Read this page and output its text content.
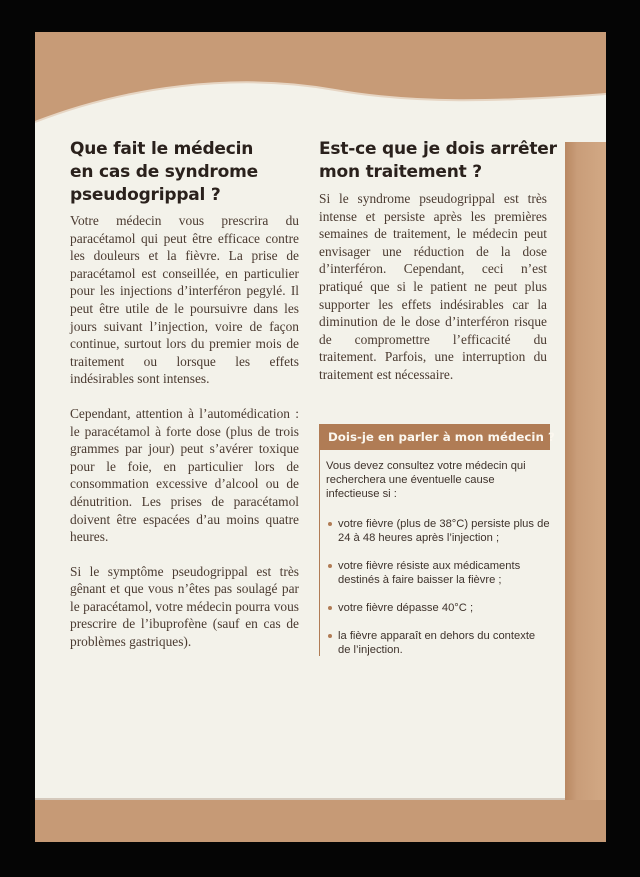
Que fait le médecin
en cas de syndrome
pseudogrippal ?

Votre médecin vous prescrira du paracétamol qui peut être efficace contre les douleurs et la fièvre. La prise de paracétamol est conseillée, en particulier pour les injections d’interféron pegylé. Il peut être utile de le poursuivre dans les jours suivant l’injection, voire de façon continue, surtout lors du premier mois de traitement ou lorsque les effets indésirables sont intenses.

Cependant, attention à l’automédication : le paracétamol à forte dose (plus de trois grammes par jour) peut s’avérer toxique pour le foie, en particulier lors de consommation excessive d’alcool ou de dénutrition. Les prises de paracétamol doivent être espacées d’au moins quatre heures.

Si le symptôme pseudogrippal est très gênant et que vous n’êtes pas soulagé par le paracétamol, votre médecin pourra vous prescrire de l’ibuprofène (sauf en cas de problèmes gastriques).

Est-ce que je dois arrêter
mon traitement ?

Si le syndrome pseudogrippal est très intense et persiste après les premières semaines de traitement, le médecin peut envisager une réduction de la dose d’interféron. Cependant, ceci n’est pratiqué que si le patient ne peut plus supporter les effets indésirables car la diminution de le dose d’interféron risque de compromettre l’efficacité du traitement. Parfois, une interruption du traitement est nécessaire.

Dois-je en parler à mon médecin ?

Vous devez consultez votre médecin qui recherchera une éventuelle cause infectieuse si :

votre fièvre (plus de 38°C) persiste plus de 24 à 48 heures après l’injection ;
votre fièvre résiste aux médicaments destinés à faire baisser la fièvre ;
votre fièvre dépasse 40°C ;
la fièvre apparaît en dehors du contexte de l’injection.
